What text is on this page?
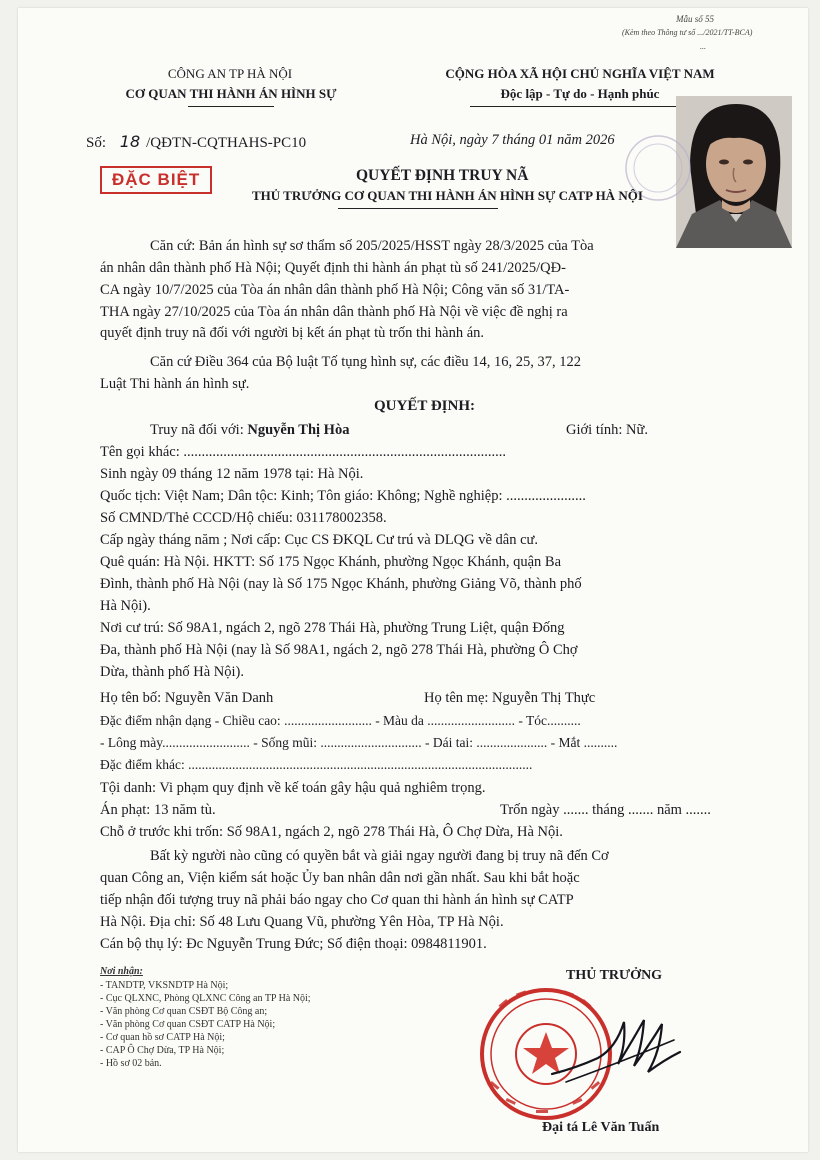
Mẫu số 55
(Kèm theo Thông tư số .../2021/TT-BCA)
...
CÔNG AN TP HÀ NỘI
CƠ QUAN THI HÀNH ÁN HÌNH SỰ
CỘNG HÒA XÃ HỘI CHỦ NGHĨA VIỆT NAM
Độc lập - Tự do - Hạnh phúc
Số: 18 /QĐTN-CQTHAHS-PC10	Hà Nội, ngày 7 tháng 01 năm 2026
ĐẶC BIỆT	QUYẾT ĐỊNH TRUY NÃ
THỦ TRƯỞNG CƠ QUAN THI HÀNH ÁN HÌNH SỰ CATP HÀ NỘI
Căn cứ: Bản án hình sự sơ thẩm số 205/2025/HSST ngày 28/3/2025 của Tòa
án nhân dân thành phố Hà Nội; Quyết định thi hành án phạt tù số 241/2025/QĐ-
CA ngày 10/7/2025 của Tòa án nhân dân thành phố Hà Nội; Công văn số 31/TA-
THA ngày 27/10/2025 của Tòa án nhân dân thành phố Hà Nội về việc đề nghị ra
quyết định truy nã đối với người bị kết án phạt tù trốn thi hành án.
Căn cứ Điều 364 của Bộ luật Tố tụng hình sự, các điều 14, 16, 25, 37, 122
Luật Thi hành án hình sự.
QUYẾT ĐỊNH:
Truy nã đối với: Nguyễn Thị Hòa	Giới tính: Nữ.
Tên gọi khác: .........................................................................................
Sinh ngày 09 tháng 12 năm 1978 tại: Hà Nội.
Quốc tịch: Việt Nam; Dân tộc: Kinh; Tôn giáo: Không; Nghề nghiệp: ......................
Số CMND/Thẻ CCCD/Hộ chiếu: 031178002358.
Cấp ngày tháng năm ; Nơi cấp: Cục CS ĐKQL Cư trú và DLQG về dân cư.
Quê quán: Hà Nội. HKTT: Số 175 Ngọc Khánh, phường Ngọc Khánh, quận Ba
Đình, thành phố Hà Nội (nay là Số 175 Ngọc Khánh, phường Giảng Võ, thành phố
Hà Nội).
Nơi cư trú: Số 98A1, ngách 2, ngõ 278 Thái Hà, phường Trung Liệt, quận Đống
Đa, thành phố Hà Nội (nay là Số 98A1, ngách 2, ngõ 278 Thái Hà, phường Ô Chợ
Dừa, thành phố Hà Nội).
Họ tên bố: Nguyễn Văn Danh	Họ tên mẹ: Nguyễn Thị Thực
Đặc điểm nhận dạng - Chiều cao: .......................... - Màu da .......................... - Tóc..........
- Lông mày.......................... - Sống mũi: .............................. - Dái tai: ..................... - Mắt ..........
Đặc điểm khác: ......................................................................................................
Tội danh: Vi phạm quy định về kế toán gây hậu quả nghiêm trọng.
Án phạt: 13 năm tù.	Trốn ngày ....... tháng ....... năm .......
Chỗ ở trước khi trốn: Số 98A1, ngách 2, ngõ 278 Thái Hà, Ô Chợ Dừa, Hà Nội.
Bất kỳ người nào cũng có quyền bắt và giải ngay người đang bị truy nã đến Cơ
quan Công an, Viện kiểm sát hoặc Ủy ban nhân dân nơi gần nhất. Sau khi bắt hoặc
tiếp nhận đối tượng truy nã phải báo ngay cho Cơ quan thi hành án hình sự CATP
Hà Nội. Địa chỉ: Số 48 Lưu Quang Vũ, phường Yên Hòa, TP Hà Nội.
Cán bộ thụ lý: Đc Nguyễn Trung Đức; Số điện thoại: 0984811901.
Nơi nhận:
- TANDTP, VKSNDTP Hà Nội;
- Cục QLXNC, Phòng QLXNC Công an TP Hà Nội;
- Văn phòng Cơ quan CSĐT Bộ Công an;
- Văn phòng Cơ quan CSĐT CATP Hà Nội;
- Cơ quan hồ sơ CATP Hà Nội;
- CAP Ô Chợ Dừa, TP Hà Nội;
- Hồ sơ 02 bản.
THỦ TRƯỞNG
Đại tá Lê Văn Tuấn
